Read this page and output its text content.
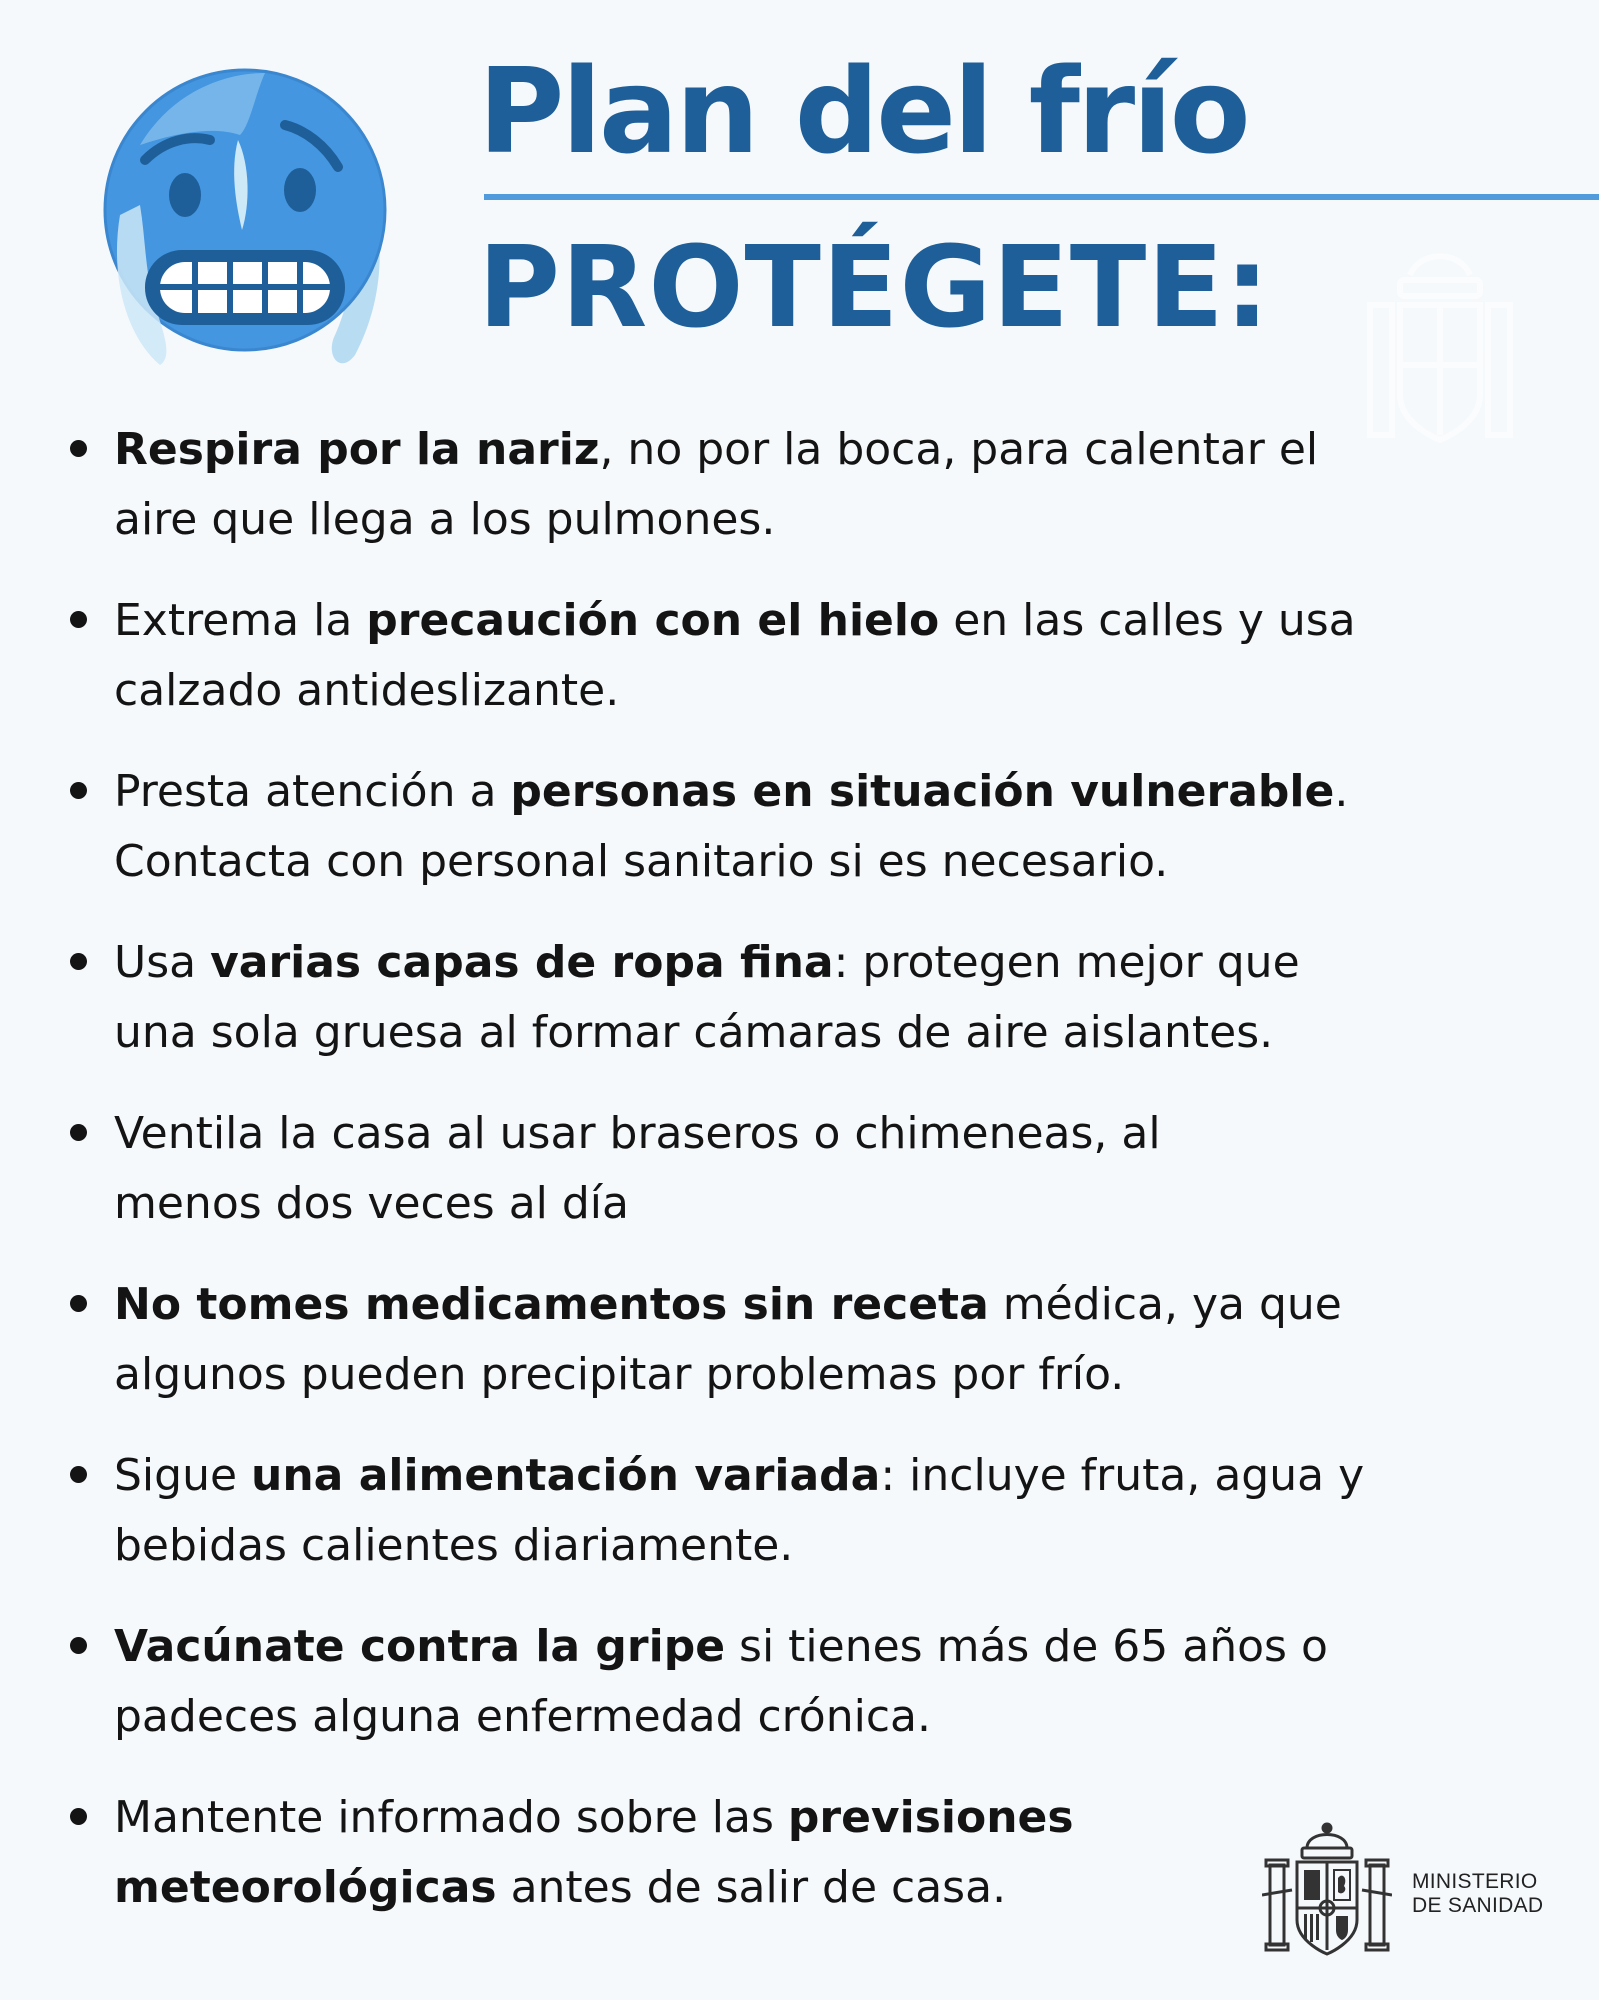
Plan del frío
PROTÉGETE:
Respira por la nariz, no por la boca, para calentar el
aire que llega a los pulmones.
Extrema la precaución con el hielo en las calles y usa
calzado antideslizante.
Presta atención a personas en situación vulnerable.
Contacta con personal sanitario si es necesario.
Usa varias capas de ropa fina: protegen mejor que
una sola gruesa al formar cámaras de aire aislantes.
Ventila la casa al usar braseros o chimeneas, al
menos dos veces al día
No tomes medicamentos sin receta médica, ya que
algunos pueden precipitar problemas por frío.
Sigue una alimentación variada: incluye fruta, agua y
bebidas calientes diariamente.
Vacúnate contra la gripe si tienes más de 65 años o
padeces alguna enfermedad crónica.
Mantente informado sobre las previsiones
meteorológicas antes de salir de casa.	MINISTERIO
DE SANIDAD
